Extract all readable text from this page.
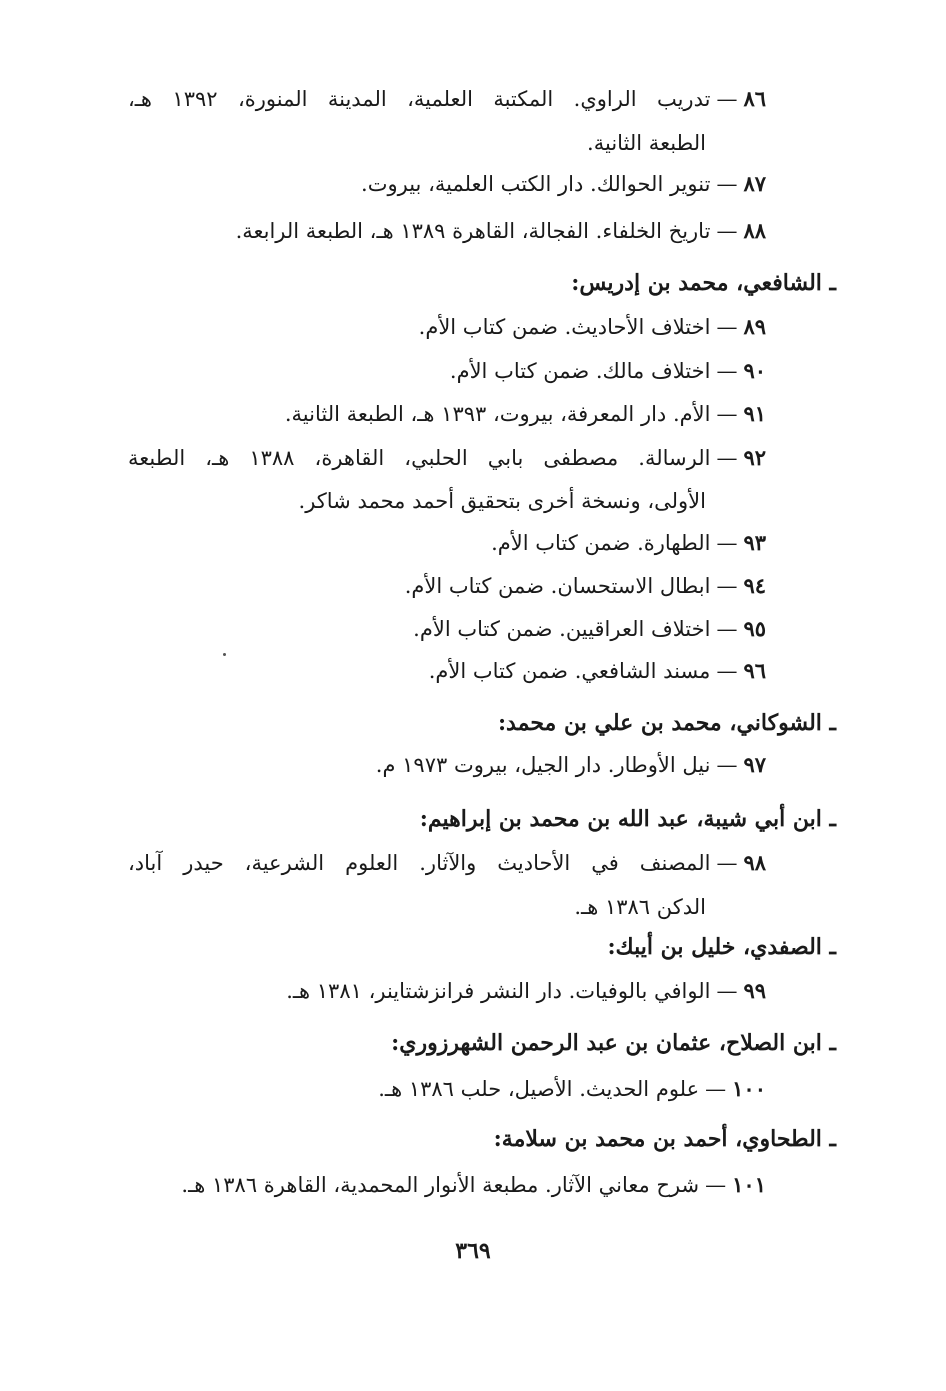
٨٦—تدريب الراوي. المكتبة العلمية، المدينة المنورة، ١٣٩٢ هـ،
الطبعة الثانية.
٨٧—تنوير الحوالك. دار الكتب العلمية، بيروت.
٨٨—تاريخ الخلفاء. الفجالة، القاهرة ١٣٨٩ هـ، الطبعة الرابعة.
ـ الشافعي، محمد بن إدريس:
٨٩—اختلاف الأحاديث. ضمن كتاب الأم.
٩٠—اختلاف مالك. ضمن كتاب الأم.
٩١—الأم. دار المعرفة، بيروت، ١٣٩٣ هـ، الطبعة الثانية.
٩٢—الرسالة. مصطفى بابي الحلبي، القاهرة، ١٣٨٨ هـ، الطبعة
الأولى، ونسخة أخرى بتحقيق أحمد محمد شاكر.
٩٣—الطهارة. ضمن كتاب الأم.
٩٤—ابطال الاستحسان. ضمن كتاب الأم.
٩٥—اختلاف العراقيين. ضمن كتاب الأم.
٩٦—مسند الشافعي. ضمن كتاب الأم.
ـ الشوكاني، محمد بن علي بن محمد:
٩٧—نيل الأوطار. دار الجيل، بيروت ١٩٧٣ م.
ـ ابن أبي شيبة، عبد الله بن محمد بن إبراهيم:
٩٨—المصنف في الأحاديث والآثار. العلوم الشرعية، حيدر آباد،
الدكن ١٣٨٦ هـ.
ـ الصفدي، خليل بن أيبك:
٩٩—الوافي بالوفيات. دار النشر فرانزشتاينر، ١٣٨١ هـ.
ـ ابن الصلاح، عثمان بن عبد الرحمن الشهرزوري:
١٠٠—علوم الحديث. الأصيل، حلب ١٣٨٦ هـ.
ـ الطحاوي، أحمد بن محمد بن سلامة:
١٠١—شرح معاني الآثار. مطبعة الأنوار المحمدية، القاهرة ١٣٨٦ هـ.
٣٦٩
